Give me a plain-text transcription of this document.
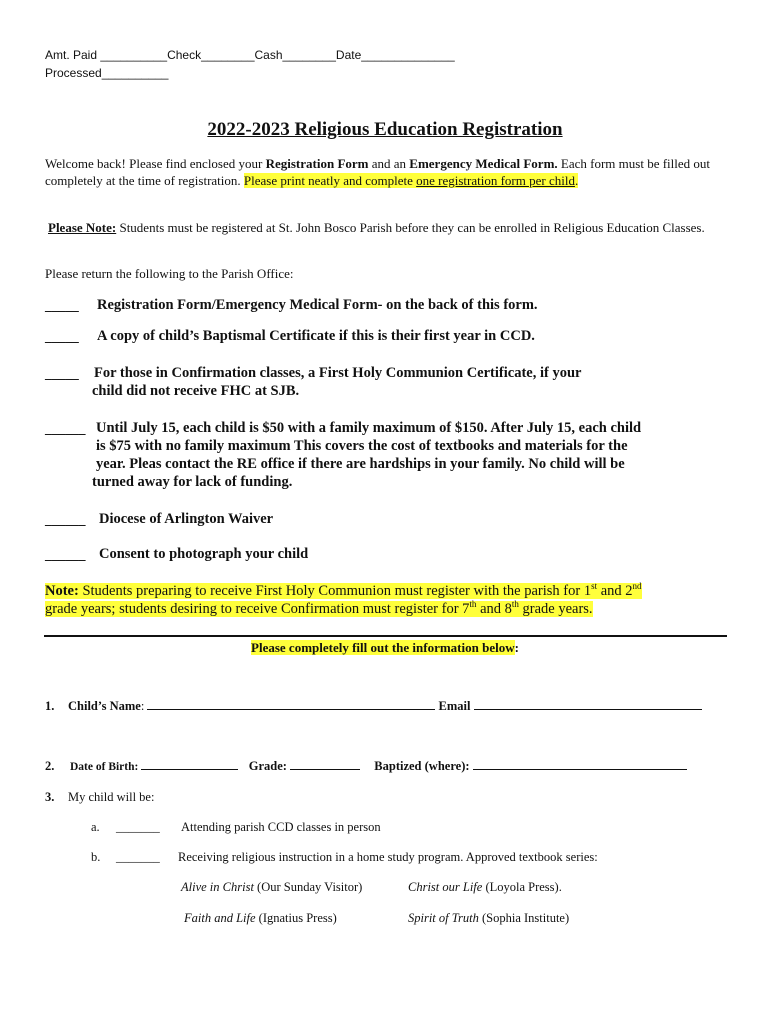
Amt. Paid __________Check________Cash________Date______________
Processed__________
2022-2023 Religious Education Registration
Welcome back! Please find enclosed your Registration Form and an Emergency Medical Form. Each form must be filled out completely at the time of registration. Please print neatly and complete one registration form per child.
Please Note: Students must be registered at St. John Bosco Parish before they can be enrolled in Religious Education Classes.
Please return the following to the Parish Office:
_____ Registration Form/Emergency Medical Form- on the back of this form.
_____ A copy of child’s Baptismal Certificate if this is their first year in CCD.
_____ For those in Confirmation classes, a First Holy Communion Certificate, if your
child did not receive FHC at SJB.
______ Until July 15, each child is $50 with a family maximum of $150. After July 15, each child
is $75 with no family maximum This covers the cost of textbooks and materials for the
year. Pleas contact the RE office if there are hardships in your family. No child will be
turned away for lack of funding.
______ Diocese of Arlington Waiver
______ Consent to photograph your child
Note: Students preparing to receive First Holy Communion must register with the parish for 1st and 2nd
grade years; students desiring to receive Confirmation must register for 7th and 8th grade years.
Please completely fill out the information below:
1. Child’s Name:	Email
2. Date of Birth:	Grade:	Baptized (where):
3. My child will be:
a. _______ Attending parish CCD classes in person
b. _______ Receiving religious instruction in a home study program. Approved textbook series:
Alive in Christ (Our Sunday Visitor)	Christ our Life (Loyola Press).
Faith and Life (Ignatius Press)	Spirit of Truth (Sophia Institute)
